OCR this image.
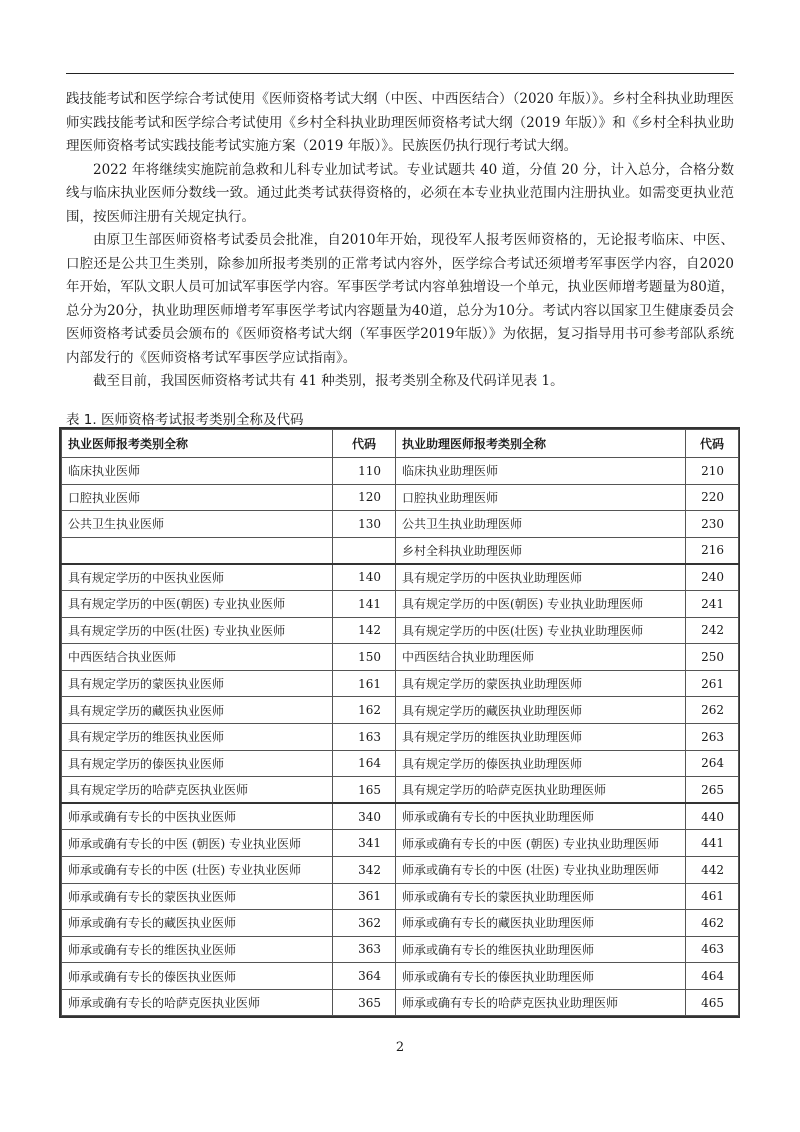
践技能考试和医学综合考试使用《医师资格考试大纲（中医、中西医结合）（2020 年版）》。乡村全科执业助理医师实践技能考试和医学综合考试使用《乡村全科执业助理医师资格考试大纲（2019 年版）》和《乡村全科执业助理医师资格考试实践技能考试实施方案（2019 年版）》。民族医仍执行现行考试大纲。

2022 年将继续实施院前急救和儿科专业加试考试。专业试题共 40 道，分值 20 分，计入总分，合格分数线与临床执业医师分数线一致。通过此类考试获得资格的，必须在本专业执业范围内注册执业。如需变更执业范围，按医师注册有关规定执行。

由原卫生部医师资格考试委员会批准，自2010年开始，现役军人报考医师资格的，无论报考临床、中医、口腔还是公共卫生类别，除参加所报考类别的正常考试内容外，医学综合考试还须增考军事医学内容，自2020年开始，军队文职人员可加试军事医学内容。军事医学考试内容单独增设一个单元，执业医师增考题量为80道，总分为20分，执业助理医师增考军事医学考试内容题量为40道，总分为10分。考试内容以国家卫生健康委员会医师资格考试委员会颁布的《医师资格考试大纲（军事医学2019年版）》为依据，复习指导用书可参考部队系统内部发行的《医师资格考试军事医学应试指南》。

截至目前，我国医师资格考试共有 41 种类别，报考类别全称及代码详见表 1。

表 1. 医师资格考试报考类别全称及代码
执业医师报考类别全称	代码	执业助理医师报考类别全称	代码
临床执业医师	110	临床执业助理医师	210
口腔执业医师	120	口腔执业助理医师	220
公共卫生执业医师	130	公共卫生执业助理医师	230
		乡村全科执业助理医师	216
具有规定学历的中医执业医师	140	具有规定学历的中医执业助理医师	240
具有规定学历的中医(朝医) 专业执业医师	141	具有规定学历的中医(朝医) 专业执业助理医师	241
具有规定学历的中医(壮医) 专业执业医师	142	具有规定学历的中医(壮医) 专业执业助理医师	242
中西医结合执业医师	150	中西医结合执业助理医师	250
具有规定学历的蒙医执业医师	161	具有规定学历的蒙医执业助理医师	261
具有规定学历的藏医执业医师	162	具有规定学历的藏医执业助理医师	262
具有规定学历的维医执业医师	163	具有规定学历的维医执业助理医师	263
具有规定学历的傣医执业医师	164	具有规定学历的傣医执业助理医师	264
具有规定学历的哈萨克医执业医师	165	具有规定学历的哈萨克医执业助理医师	265
师承或确有专长的中医执业医师	340	师承或确有专长的中医执业助理医师	440
师承或确有专长的中医 (朝医) 专业执业医师	341	师承或确有专长的中医 (朝医) 专业执业助理医师	441
师承或确有专长的中医 (壮医) 专业执业医师	342	师承或确有专长的中医 (壮医) 专业执业助理医师	442
师承或确有专长的蒙医执业医师	361	师承或确有专长的蒙医执业助理医师	461
师承或确有专长的藏医执业医师	362	师承或确有专长的藏医执业助理医师	462
师承或确有专长的维医执业医师	363	师承或确有专长的维医执业助理医师	463
师承或确有专长的傣医执业医师	364	师承或确有专长的傣医执业助理医师	464
师承或确有专长的哈萨克医执业医师	365	师承或确有专长的哈萨克医执业助理医师	465
2
